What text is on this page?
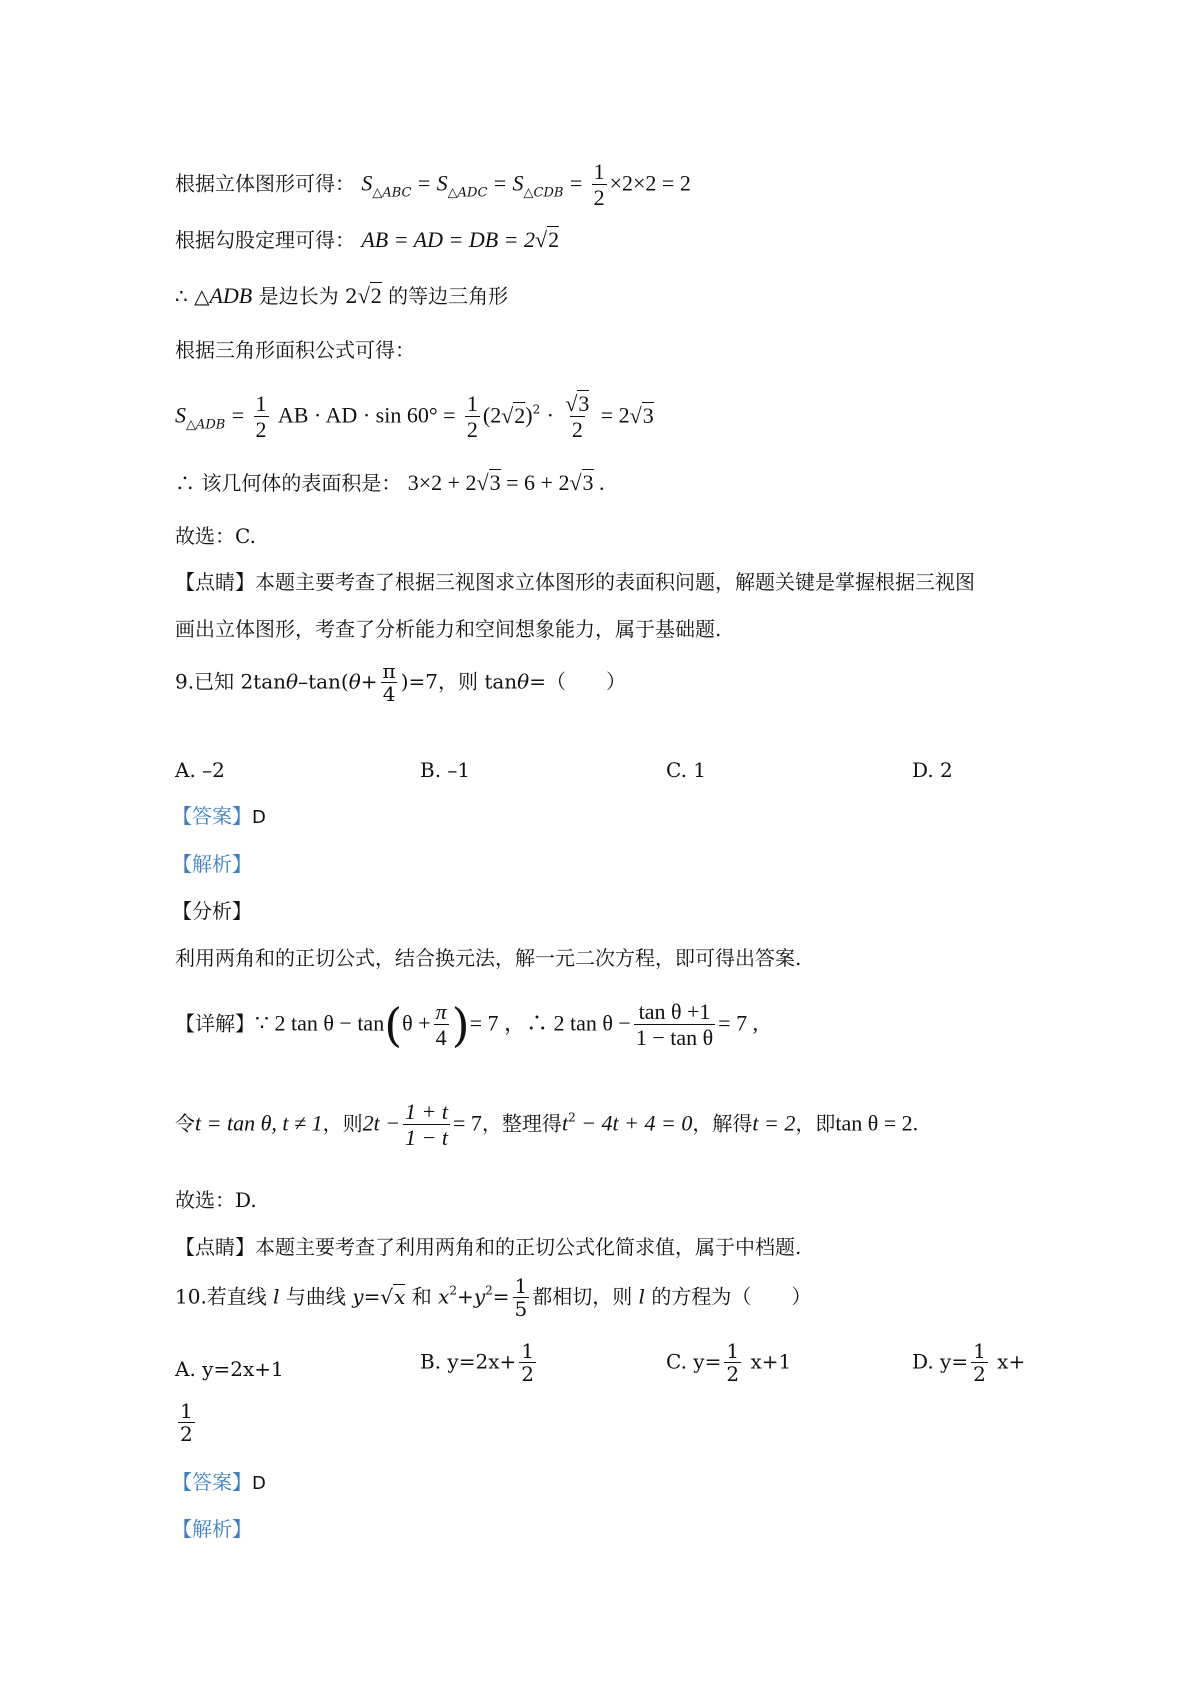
根据立体图形可得： $S_{\triangle ABC} = S_{\triangle ADC} = S_{\triangle CDB} = \frac{1}{2} \times 2\times 2 = 2$
根据勾股定理可得： AB = AD = DB = 2√2
∴ △ADB 是边长为 2√2 的等边三角形
根据三角形面积公式可得：
$S_{\triangle ADB} = \frac{1}{2}$ AB · AD · $\sin 60^\circ = \frac{1}{2} (2√2)^2 \cdot \frac{√3}{2} = 2√3$
∴ 该几何体的表面积是： 3×2 + 2√3 = 6 + 2√3 .
故选：C.
【点睛】本题主要考查了根据三视图求立体图形的表面积问题，解题关键是掌握根据三视图
画出立体图形，考查了分析能力和空间想象能力，属于基础题.
9.已知 $2\tan\theta-\tan(\theta+ \frac{\pi}{4} )=7$，则 tanθ=（　　）
A. –2	B. –1	C. 1	D. 2
【答案】D
【解析】
【分析】
利用两角和的正切公式，结合换元法，解一元二次方程，即可得出答案.
【详解】∵ 2 $\tan \theta - \tan(\theta + \frac{\pi}{4}$ )= 7 ，∴ 2 $\tan \theta - \frac{\text{tan θ +1}}{\text{1 − tan θ}} = 7$ ,
令t = tan θ, t ≠ 1，则$2t - \frac{1 + t}{1 - t} = 7$，整理得$t^2 - 4t + 4 = 0$，解得t = 2，即tan θ = 2.
故选：D.
【点睛】本题主要考查了利用两角和的正切公式化简求值，属于中档题.
10.若直线 l 与曲线 y=√x 和 $x^2+y^2= \frac{1}{5}$ 都相切，则 l 的方程为（　　）
A. y=2x+1	B. $y=2x+ \frac{1}{2}$	C. $y= \frac{1}{2} x+1$	D. $y= \frac{1}{2} x+$
$\frac{1}{2}$
【答案】D
【解析】
